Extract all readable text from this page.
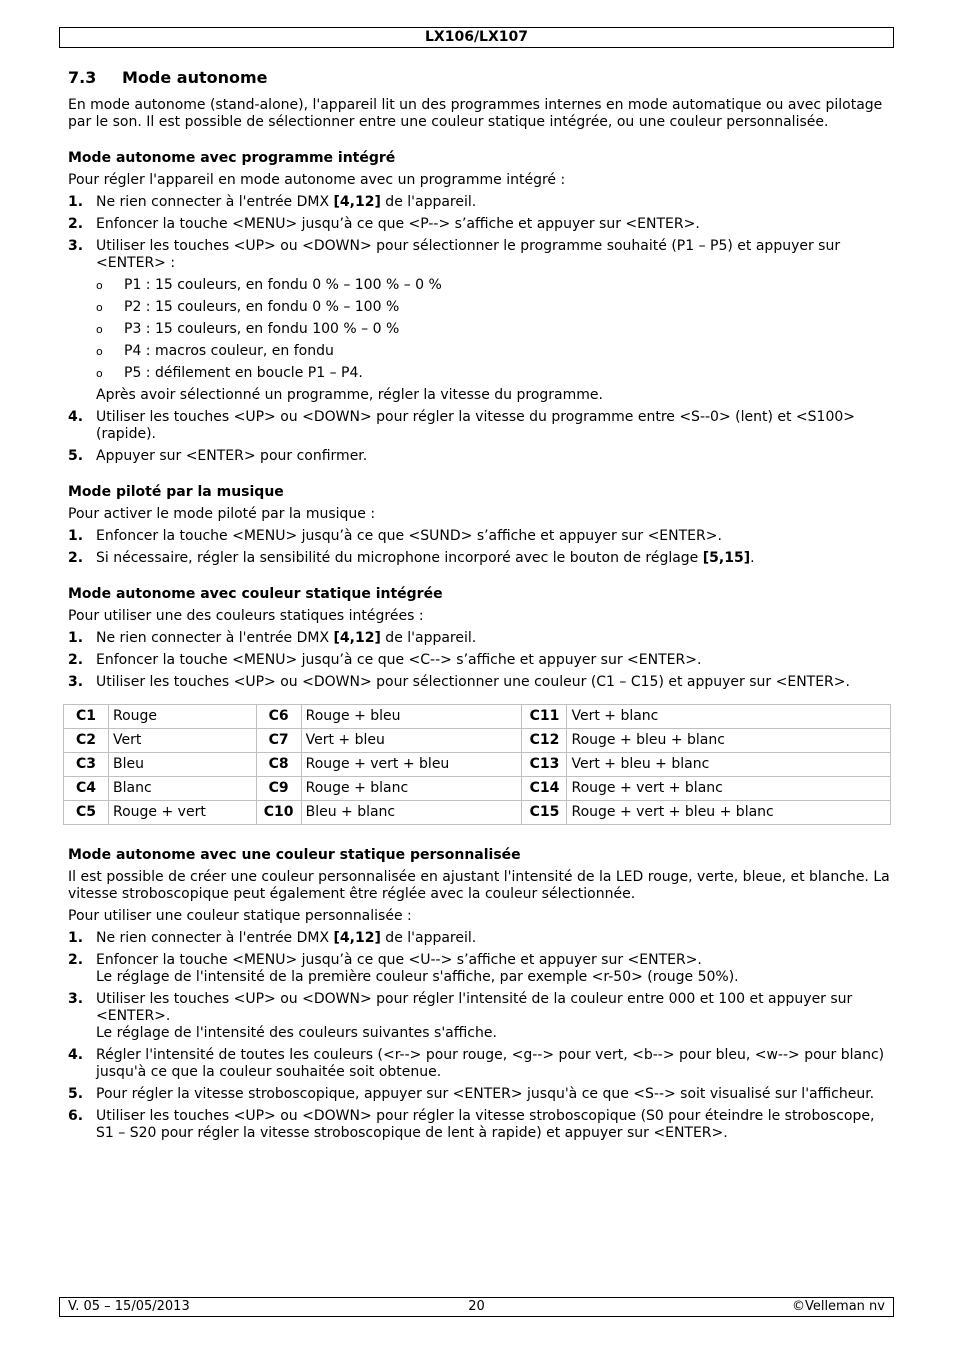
LX106/LX107
7.3 Mode autonome

En mode autonome (stand-alone), l'appareil lit un des programmes internes en mode automatique ou avec pilotage par le son. Il est possible de sélectionner entre une couleur statique intégrée, ou une couleur personnalisée.

Mode autonome avec programme intégré

Pour régler l'appareil en mode autonome avec un programme intégré :

1. Ne rien connecter à l'entrée DMX [4,12] de l'appareil.
2. Enfoncer la touche <MENU> jusqu’à ce que <P--> s’affiche et appuyer sur <ENTER>.
3. Utiliser les touches <UP> ou <DOWN> pour sélectionner le programme souhaité (P1 – P5) et appuyer sur <ENTER> :
o P1 : 15 couleurs, en fondu 0 % – 100 % – 0 %
o P2 : 15 couleurs, en fondu 0 % – 100 %
o P3 : 15 couleurs, en fondu 100 % – 0 %
o P4 : macros couleur, en fondu
o P5 : défilement en boucle P1 – P4.
Après avoir sélectionné un programme, régler la vitesse du programme.
4. Utiliser les touches <UP> ou <DOWN> pour régler la vitesse du programme entre <S--0> (lent) et <S100> (rapide).
5. Appuyer sur <ENTER> pour confirmer.
Mode piloté par la musique

Pour activer le mode piloté par la musique :

1. Enfoncer la touche <MENU> jusqu’à ce que <SUND> s’affiche et appuyer sur <ENTER>.
2. Si nécessaire, régler la sensibilité du microphone incorporé avec le bouton de réglage [5,15].
Mode autonome avec couleur statique intégrée

Pour utiliser une des couleurs statiques intégrées :

1. Ne rien connecter à l'entrée DMX [4,12] de l'appareil.
2. Enfoncer la touche <MENU> jusqu’à ce que <C--> s’affiche et appuyer sur <ENTER>.
3. Utiliser les touches <UP> ou <DOWN> pour sélectionner une couleur (C1 – C15) et appuyer sur <ENTER>.
C1	Rouge	C6	Rouge + bleu	C11	Vert + blanc
C2	Vert	C7	Vert + bleu	C12	Rouge + bleu + blanc
C3	Bleu	C8	Rouge + vert + bleu	C13	Vert + bleu + blanc
C4	Blanc	C9	Rouge + blanc	C14	Rouge + vert + blanc
C5	Rouge + vert	C10	Bleu + blanc	C15	Rouge + vert + bleu + blanc
Mode autonome avec une couleur statique personnalisée

Il est possible de créer une couleur personnalisée en ajustant l'intensité de la LED rouge, verte, bleue, et blanche. La vitesse stroboscopique peut également être réglée avec la couleur sélectionnée.

Pour utiliser une couleur statique personnalisée :

1. Ne rien connecter à l'entrée DMX [4,12] de l'appareil.
2. Enfoncer la touche <MENU> jusqu’à ce que <U--> s’affiche et appuyer sur <ENTER>.
Le réglage de l'intensité de la première couleur s'affiche, par exemple <r-50> (rouge 50%).
3. Utiliser les touches <UP> ou <DOWN> pour régler l'intensité de la couleur entre 000 et 100 et appuyer sur <ENTER>.
Le réglage de l'intensité des couleurs suivantes s'affiche.
4. Régler l'intensité de toutes les couleurs (<r--> pour rouge, <g--> pour vert, <b--> pour bleu, <w--> pour blanc) jusqu'à ce que la couleur souhaitée soit obtenue.
5. Pour régler la vitesse stroboscopique, appuyer sur <ENTER> jusqu'à ce que <S--> soit visualisé sur l'afficheur.
6. Utiliser les touches <UP> ou <DOWN> pour régler la vitesse stroboscopique (S0 pour éteindre le stroboscope, S1 – S20 pour régler la vitesse stroboscopique de lent à rapide) et appuyer sur <ENTER>.
V. 05 – 15/05/2013	20	©Velleman nv
